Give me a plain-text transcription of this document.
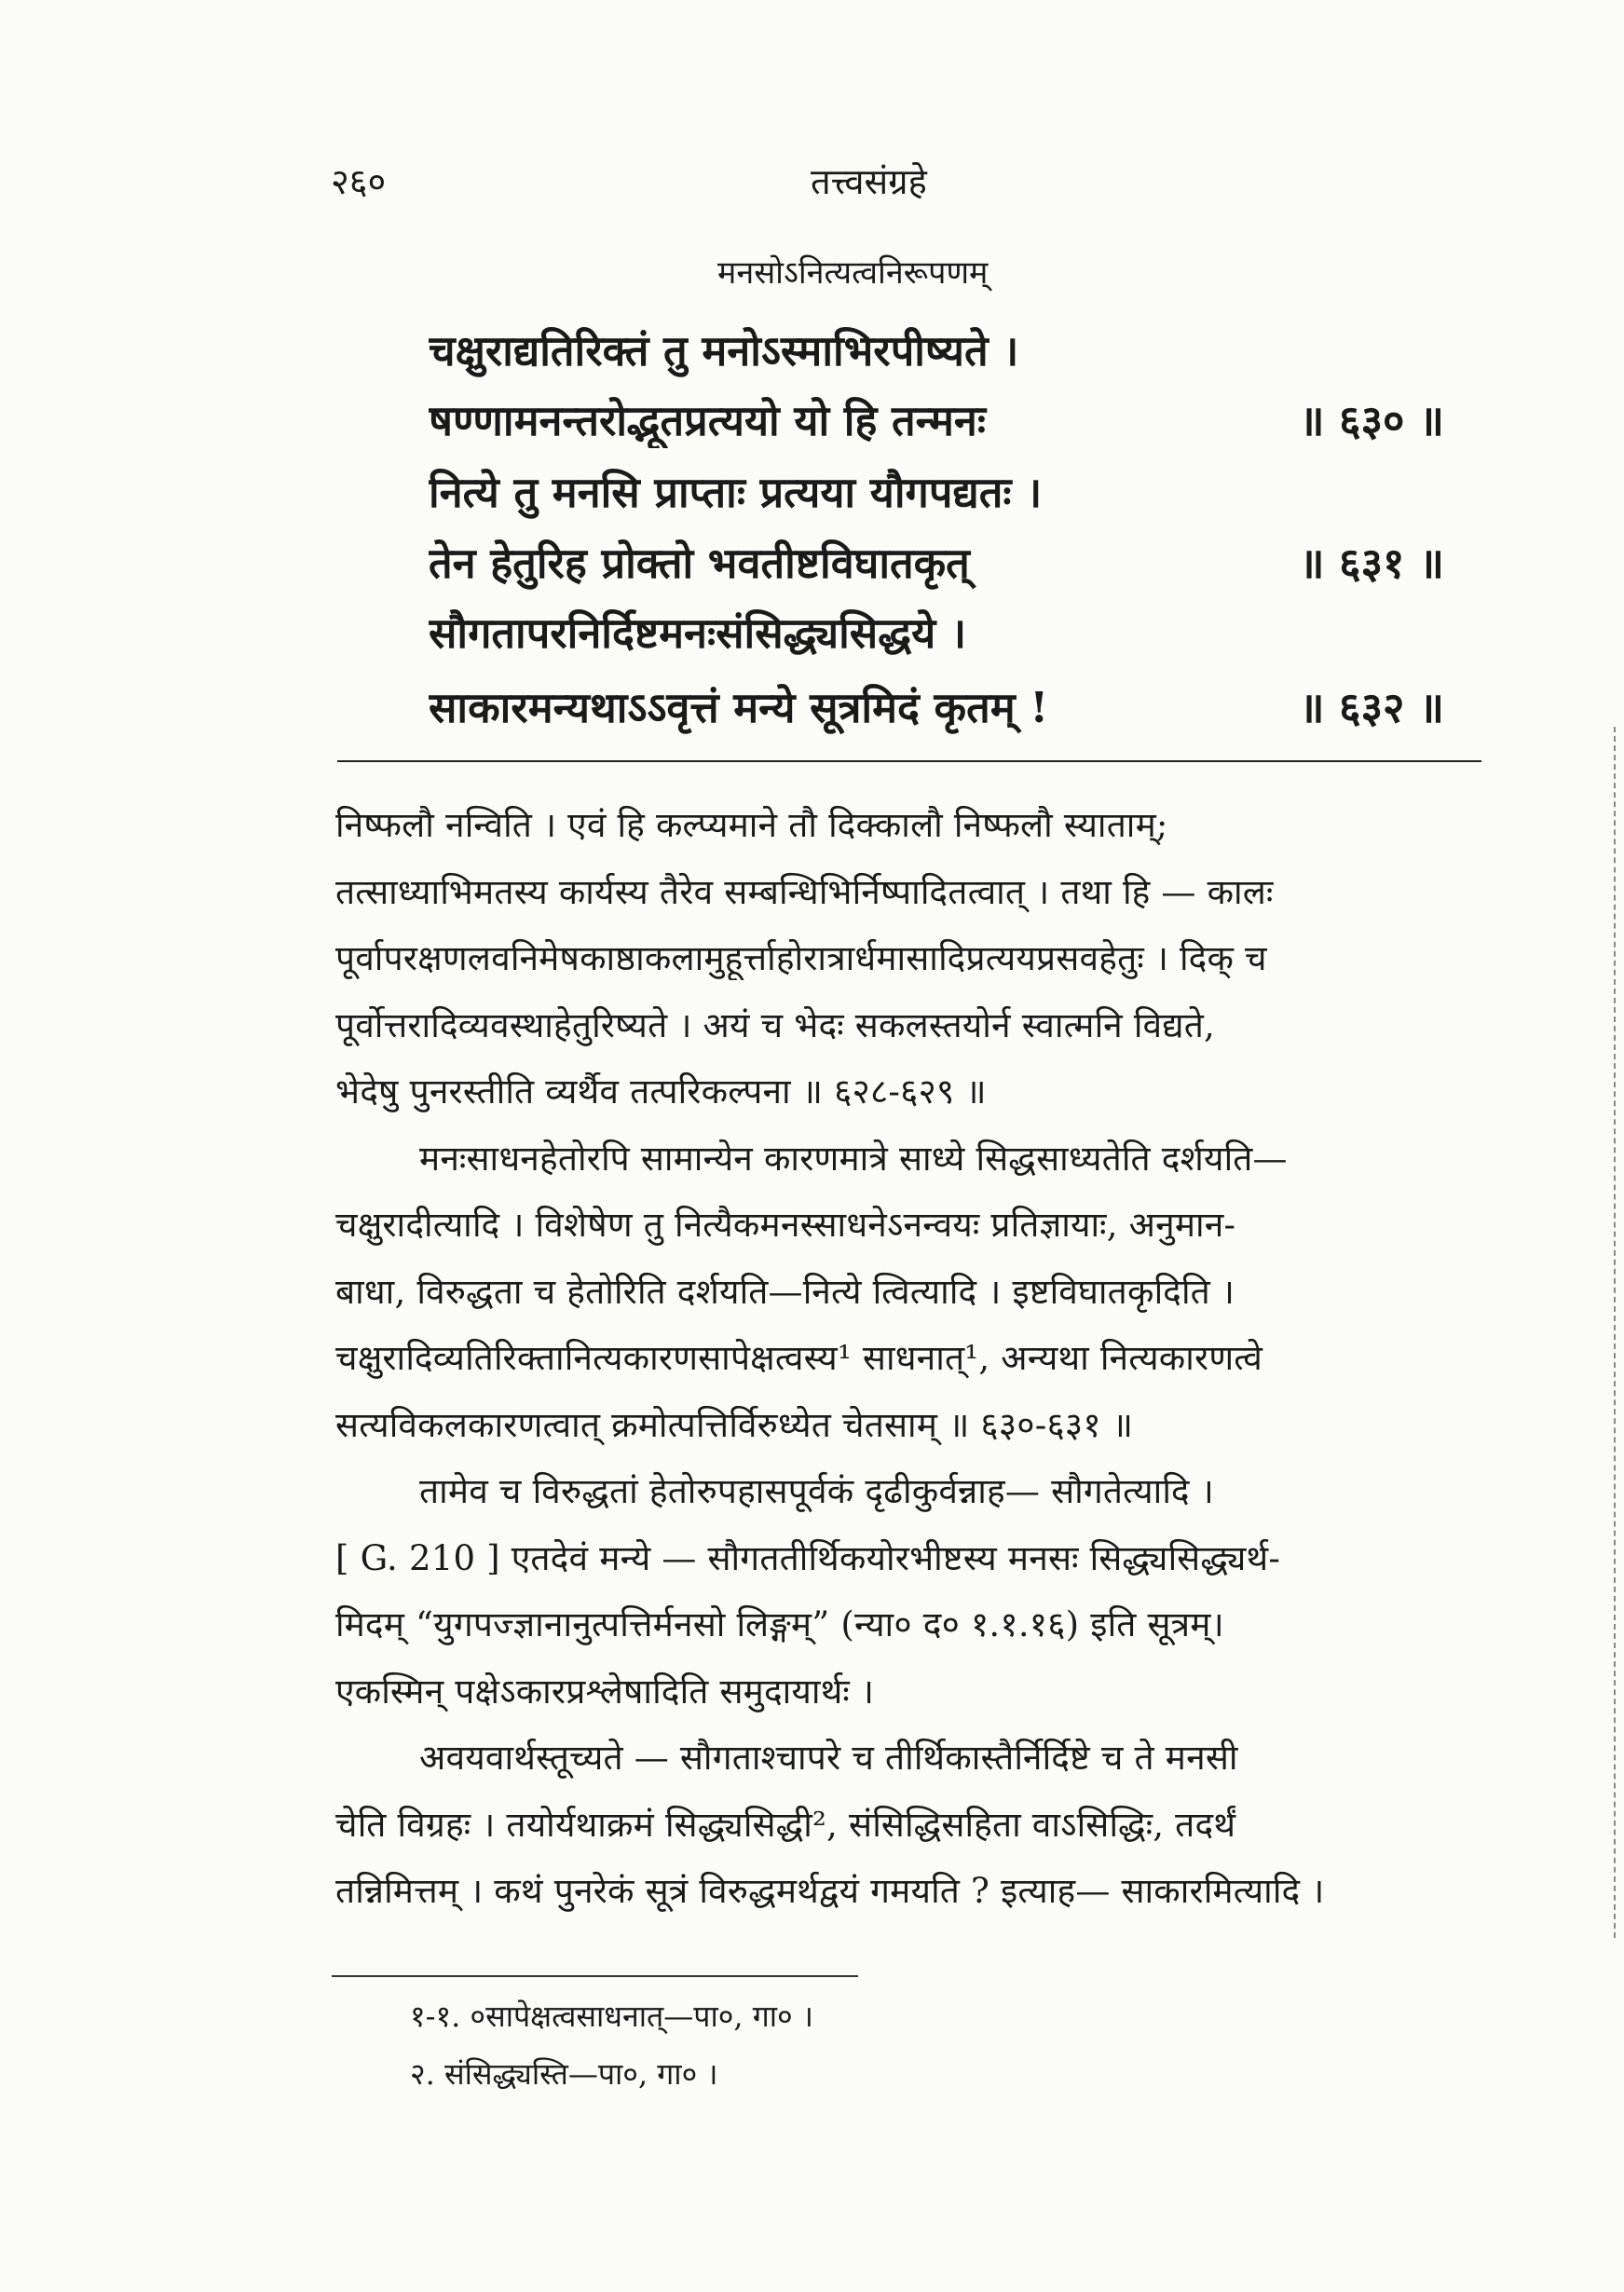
२६०	तत्त्वसंग्रहे
मनसोऽनित्यत्वनिरूपणम्
चक्षुराद्यतिरिक्तं तु मनोऽस्माभिरपीष्यते ।
षण्णामनन्तरोद्भूतप्रत्ययो यो हि तन्मनः	॥ ६३० ॥
नित्ये तु मनसि प्राप्ताः प्रत्यया यौगपद्यतः ।
तेन हेतुरिह प्रोक्तो भवतीष्टविघातकृत्	॥ ६३१ ॥
सौगतापरनिर्दिष्टमनःसंसिद्ध्यसिद्धये ।
साकारमन्यथाऽऽवृत्तं मन्ये सूत्रमिदं कृतम् !	॥ ६३२ ॥
निष्फलौ नन्विति । एवं हि कल्प्यमाने तौ दिक्कालौ निष्फलौ स्याताम्;
तत्साध्याभिमतस्य कार्यस्य तैरेव सम्बन्धिभिर्निष्पादितत्वात् । तथा हि — कालः
पूर्वापरक्षणलवनिमेषकाष्ठाकलामुहूर्त्ताहोरात्रार्धमासादिप्रत्ययप्रसवहेतुः । दिक् च
पूर्वोत्तरादिव्यवस्थाहेतुरिष्यते । अयं च भेदः सकलस्तयोर्न स्वात्मनि विद्यते,
भेदेषु पुनरस्तीति व्यर्थैव तत्परिकल्पना ॥ ६२८-६२९ ॥
मनःसाधनहेतोरपि सामान्येन कारणमात्रे साध्ये सिद्धसाध्यतेति दर्शयति—
चक्षुरादीत्यादि । विशेषेण तु नित्यैकमनस्साधनेऽनन्वयः प्रतिज्ञायाः, अनुमान-
बाधा, विरुद्धता च हेतोरिति दर्शयति—नित्ये त्वित्यादि । इष्टविघातकृदिति ।
चक्षुरादिव्यतिरिक्तानित्यकारणसापेक्षत्वस्य¹ साधनात्¹, अन्यथा नित्यकारणत्वे
सत्यविकलकारणत्वात् क्रमोत्पत्तिर्विरुध्येत चेतसाम् ॥ ६३०-६३१ ॥
तामेव च विरुद्धतां हेतोरुपहासपूर्वकं दृढीकुर्वन्नाह— सौगतेत्यादि ।
[ G. 210 ] एतदेवं मन्ये — सौगततीर्थिकयोरभीष्टस्य मनसः सिद्ध्यसिद्ध्यर्थ-
मिदम् “युगपज्ज्ञानानुत्पत्तिर्मनसो लिङ्गम्” (न्या० द० १.१.१६) इति सूत्रम्।
एकस्मिन् पक्षेऽकारप्रश्लेषादिति समुदायार्थः ।
अवयवार्थस्तूच्यते — सौगताश्चापरे च तीर्थिकास्तैर्निर्दिष्टे च ते मनसी
चेति विग्रहः । तयोर्यथाक्रमं सिद्ध्यसिद्धी², संसिद्धिसहिता वाऽसिद्धिः, तदर्थं
तन्निमित्तम् । कथं पुनरेकं सूत्रं विरुद्धमर्थद्वयं गमयति ? इत्याह— साकारमित्यादि ।
१-१. ०सापेक्षत्वसाधनात्—पा०, गा० ।
२. संसिद्ध्यस्ति—पा०, गा० ।
